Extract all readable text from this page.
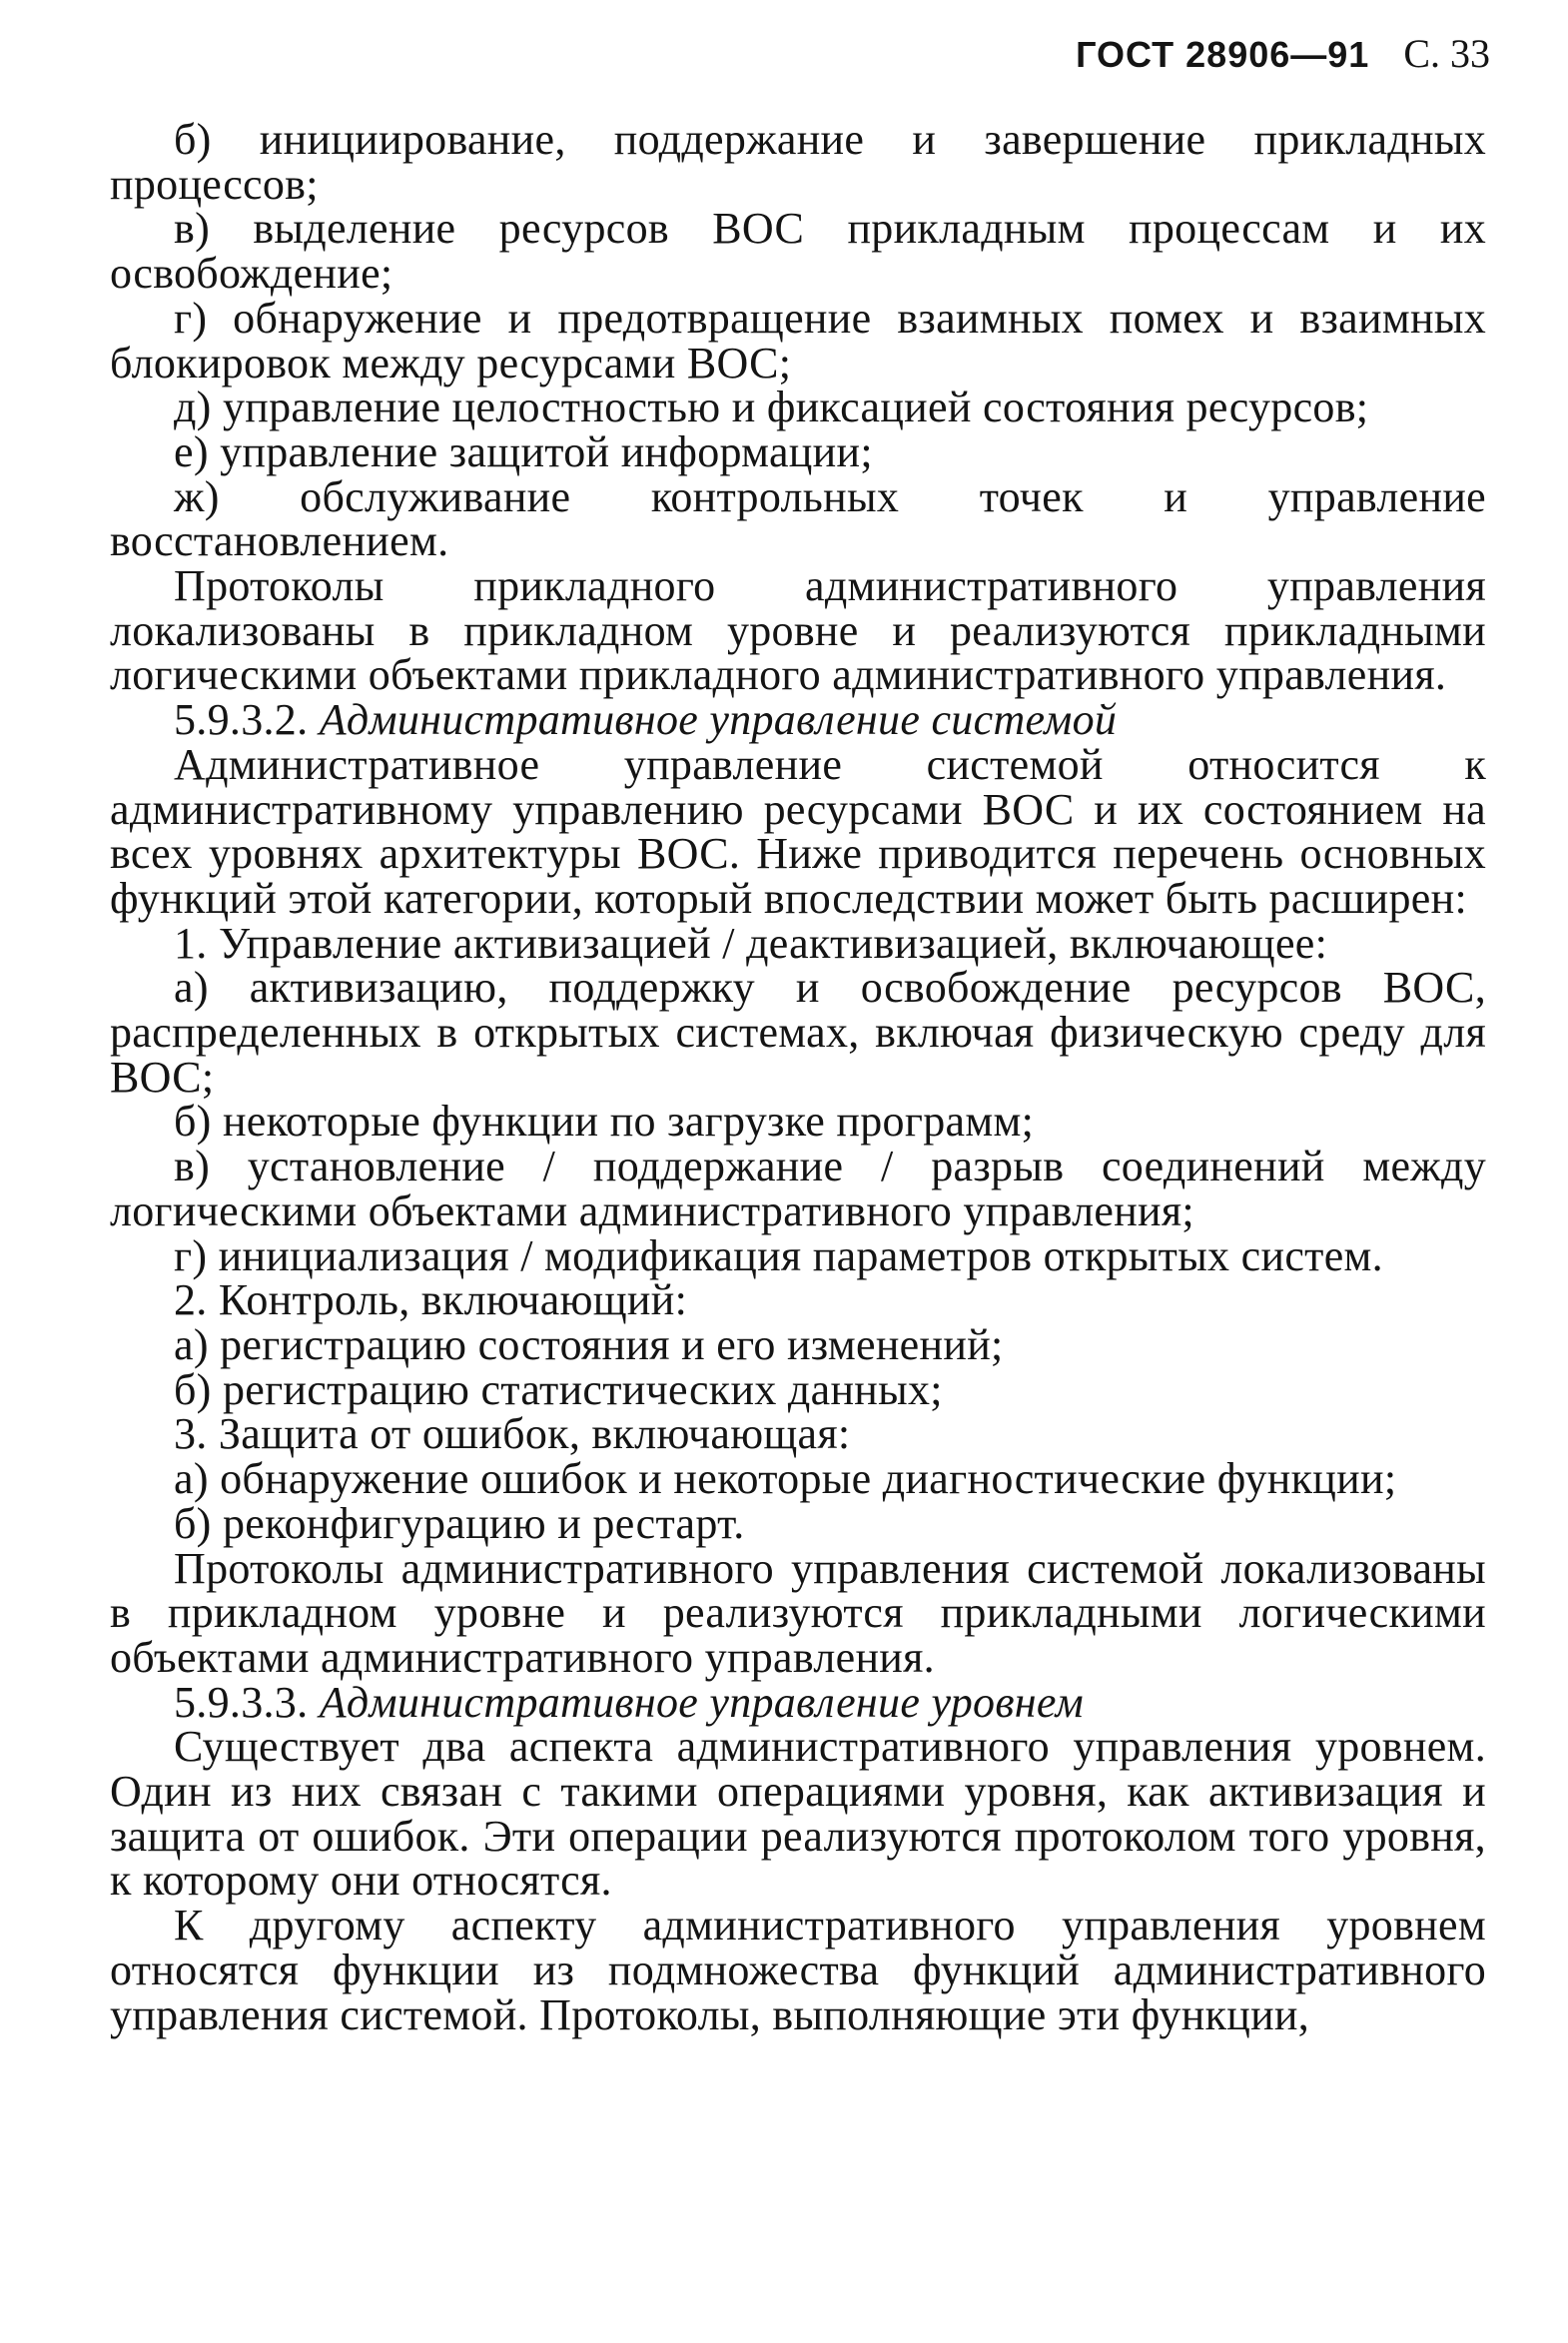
ГОСТ 28906—91 С. 33

б) инициирование, поддержание и завершение прикладных процессов;

в) выделение ресурсов ВОС прикладным процессам и их освобождение;

г) обнаружение и предотвращение взаимных помех и взаимных блокировок между ресурсами ВОС;

д) управление целостностью и фиксацией состояния ресурсов;

е) управление защитой информации;

ж) обслуживание контрольных точек и управление восстановлением.

Протоколы прикладного административного управления локализованы в прикладном уровне и реализуются прикладными логическими объектами прикладного административного управления.

5.9.3.2. Административное управление системой

Административное управление системой относится к административному управлению ресурсами ВОС и их состоянием на всех уровнях архитектуры ВОС. Ниже приводится перечень основных функций этой категории, который впоследствии может быть расширен:

1. Управление активизацией / деактивизацией, включающее:

а) активизацию, поддержку и освобождение ресурсов ВОС, распределенных в открытых системах, включая физическую среду для ВОС;

б) некоторые функции по загрузке программ;

в) установление / поддержание / разрыв соединений между логическими объектами административного управления;

г) инициализация / модификация параметров открытых систем.

2. Контроль, включающий:

а) регистрацию состояния и его изменений;

б) регистрацию статистических данных;

3. Защита от ошибок, включающая:

а) обнаружение ошибок и некоторые диагностические функции;

б) реконфигурацию и рестарт.

Протоколы административного управления системой локализованы в прикладном уровне и реализуются прикладными логическими объектами административного управления.

5.9.3.3. Административное управление уровнем

Существует два аспекта административного управления уровнем. Один из них связан с такими операциями уровня, как активизация и защита от ошибок. Эти операции реализуются протоколом того уровня, к которому они относятся.

К другому аспекту административного управления уровнем относятся функции из подмножества функций административного управления системой. Протоколы, выполняющие эти функции,
